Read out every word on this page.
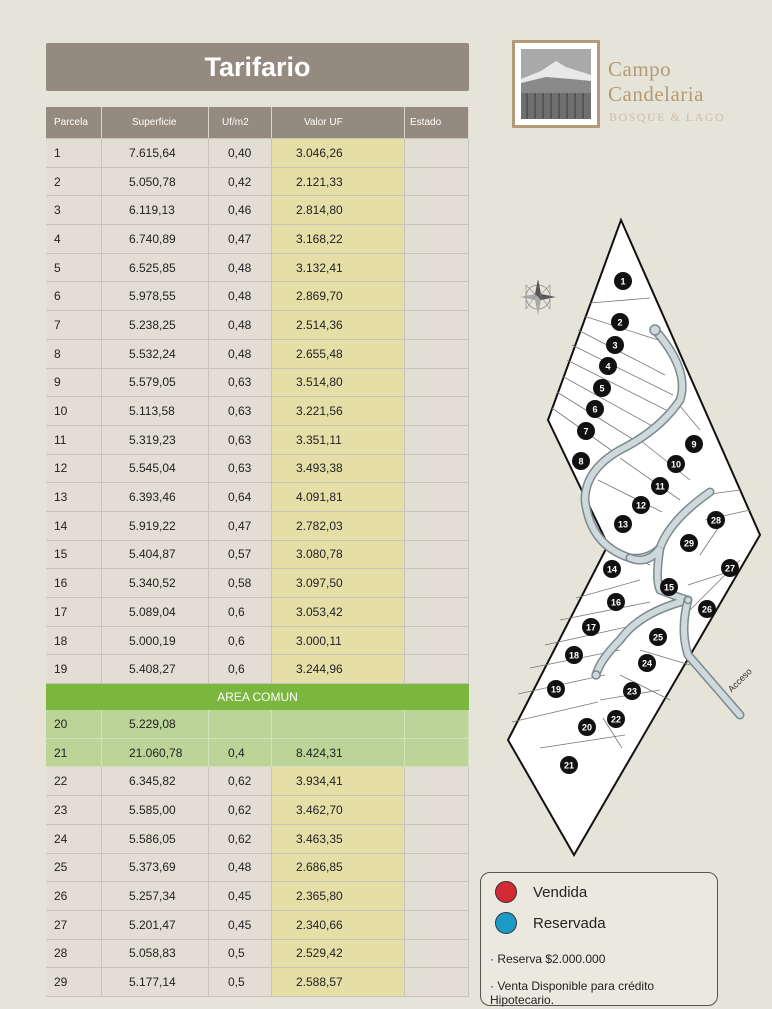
Tarifario
Parcela	Superficie	Uf/m2	Valor UF	Estado
1	7.615,64	0,40	3.046,26
2	5.050,78	0,42	2.121,33
3	6.119,13	0,46	2.814,80
4	6.740,89	0,47	3.168,22
5	6.525,85	0,48	3.132,41
6	5.978,55	0,48	2.869,70
7	5.238,25	0,48	2.514,36
8	5.532,24	0,48	2.655,48
9	5.579,05	0,63	3.514,80
10	5.113,58	0,63	3.221,56
11	5.319,23	0,63	3.351,11
12	5.545,04	0,63	3.493,38
13	6.393,46	0,64	4.091,81
14	5.919,22	0,47	2.782,03
15	5.404,87	0,57	3.080,78
16	5.340,52	0,58	3.097,50
17	5.089,04	0,6	3.053,42
18	5.000,19	0,6	3.000,11
19	5.408,27	0,6	3.244,96
AREA COMUN
20	5.229,08
21	21.060,78	0,4	8.424,31
22	6.345,82	0,62	3.934,41
23	5.585,00	0,62	3.462,70
24	5.586,05	0,62	3.463,35
25	5.373,69	0,48	2.686,85
26	5.257,34	0,45	2.365,80
27	5.201,47	0,45	2.340,66
28	5.058,83	0,5	2.529,42
29	5.177,14	0,5	2.588,57
Campo
Candelaria
BOSQUE & LAGO
Acceso
1
2
3
4
5
6
7
8
9
10
11
12
13
14
15
16
17
18
19
20
21
22
23
24
25
26
27
28
29
Vendida
Reservada
· Reserva $2.000.000
· Venta Disponible para crédito Hipotecario.
